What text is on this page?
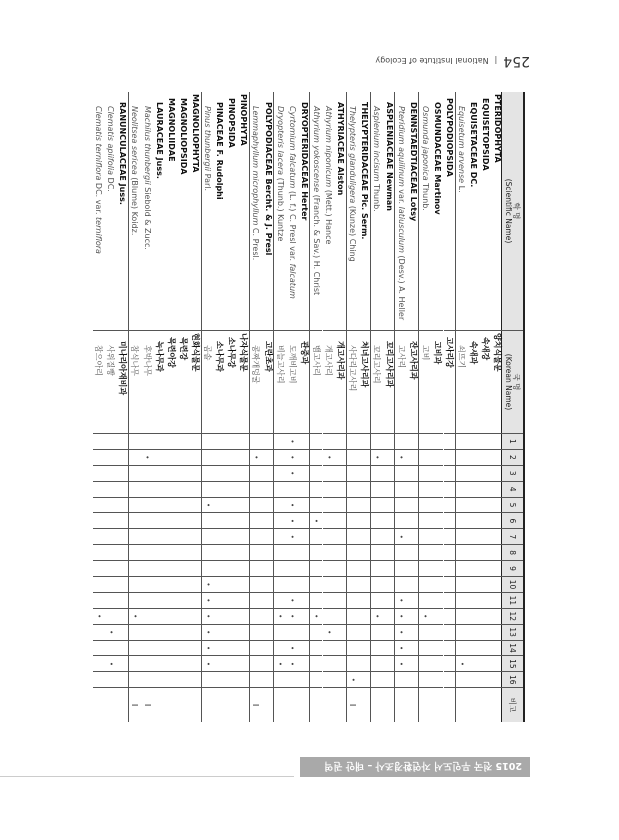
254
|
National Institute of Ecology
학 명
(Scientific Name)
국 명
(Korean Name)
1
2
3
4
5
6
7
8
9
10
11
12
13
14
15
16
비고
PTERIDOPHYTA
양치식물문
EQUISETOPSIDA
속새강
EQUISETACEAE DC.
속새과
Equisetum arvense
L.
쇠뜨기
•
POLYPODIOPSIDA
고사리강
OSMUNDACEAE Martinov
고비과
Osmunda japonica
Thunb.
고비
•
DENNSTAEDTIACEAE Lotsy
잔고사리과
Pteridium aquilinum
var.
latiusculum
(Desv.) A. Heller
고사리
•
•
•
•
•
•
•
ASPLENIACEAE Newman
꼬리고사리과
Asplenium incisum
Thunb.
꼬리고사리
•
•
THELYPTERIDACEAE Pic. Serm.
처녀고사리과
Thelypteris glanduligera
(Kunze) Ching
사다리고사리
•
I
ATHYRIACEAE Alston
개고사리과
Athyrium niponicum
(Mett.) Hance
개고사리
•
•
Athyrium yokoscense
(Franch. & Sav.) H. Christ
뱀고사리
•
•
DRYOPTERIDACEAE Herter
관중과
Cyrtomium falcatum
(L. f.) C. Presl var.
falcatum
도깨비고비
•
•
•
•
•
•
•
•
•
•
Dryopteris lacera
(Thunb.) Kuntze
비늘고사리
•
•
POLYPODIACEAE Bercht. & J. Presl
고란초과
Lemmaphyllum microphyllum
C. Presl.
콩짜개덩굴
•
I
PINOPHYTA
나자식물문
PINOPSIDA
소나무강
PINACEAE F. Rudolphi
소나무과
Pinus thunbergii
Parl.
곰솔
•
•
•
•
•
•
•
MAGNOLIOPHYTA
현화식물문
MAGNOLIOPSIDA
목련강
MAGNOLIIDAE
목련아강
LAURACEAE Juss.
녹나무과
Machilus thunbergii
Siebold & Zucc.
후박나무
•
I
Neolitsea sericea
(Blume) Koidz.
참식나무
•
I
RANUNCULACEAE Juss.
미나리아재비과
Clematis apiifolia
DC.
사위질빵
•
•
Clematis terniflora
DC. var.
terniflora
참으아리
•
2015 전국 무인도서 자연환경조사 – 태안 권역
